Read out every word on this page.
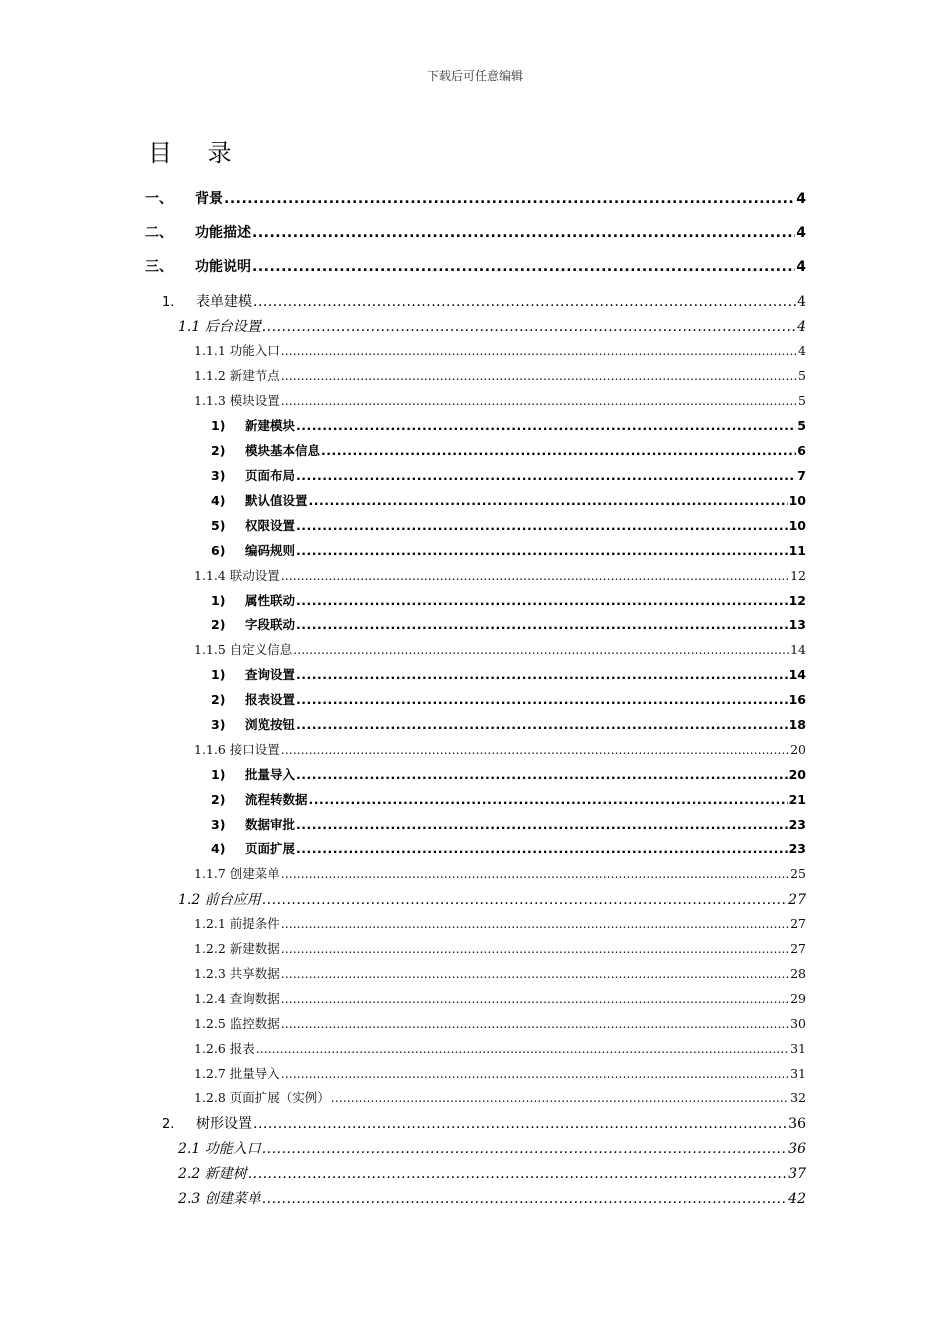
下载后可任意编辑
目 录
一、	背景 .....	4
二、	功能描述 .....	4
三、	功能说明 .....	4
1.	表单建模 .....	4
1.1 后台设置 .....	4
1.1.1 功能入口 .....	4
1.1.2 新建节点 .....	5
1.1.3 模块设置 .....	5
1)	新建模块 .....	5
2)	模块基本信息 .....	6
3)	页面布局 .....	7
4)	默认值设置 .....	10
5)	权限设置 .....	10
6)	编码规则 .....	11
1.1.4 联动设置 .....	12
1)	属性联动 .....	12
2)	字段联动 .....	13
1.1.5 自定义信息 .....	14
1)	查询设置 .....	14
2)	报表设置 .....	16
3)	浏览按钮 .....	18
1.1.6 接口设置 .....	20
1)	批量导入 .....	20
2)	流程转数据 .....	21
3)	数据审批 .....	23
4)	页面扩展 .....	23
1.1.7 创建菜单 .....	25
1.2 前台应用 .....	27
1.2.1 前提条件 .....	27
1.2.2 新建数据 .....	27
1.2.3 共享数据 .....	28
1.2.4 查询数据 .....	29
1.2.5 监控数据 .....	30
1.2.6 报表 .....	31
1.2.7 批量导入 .....	31
1.2.8 页面扩展（实例） .....	32
2.	树形设置 .....	36
2.1 功能入口 .....	36
2.2 新建树 .....	37
2.3 创建菜单 .....	42
